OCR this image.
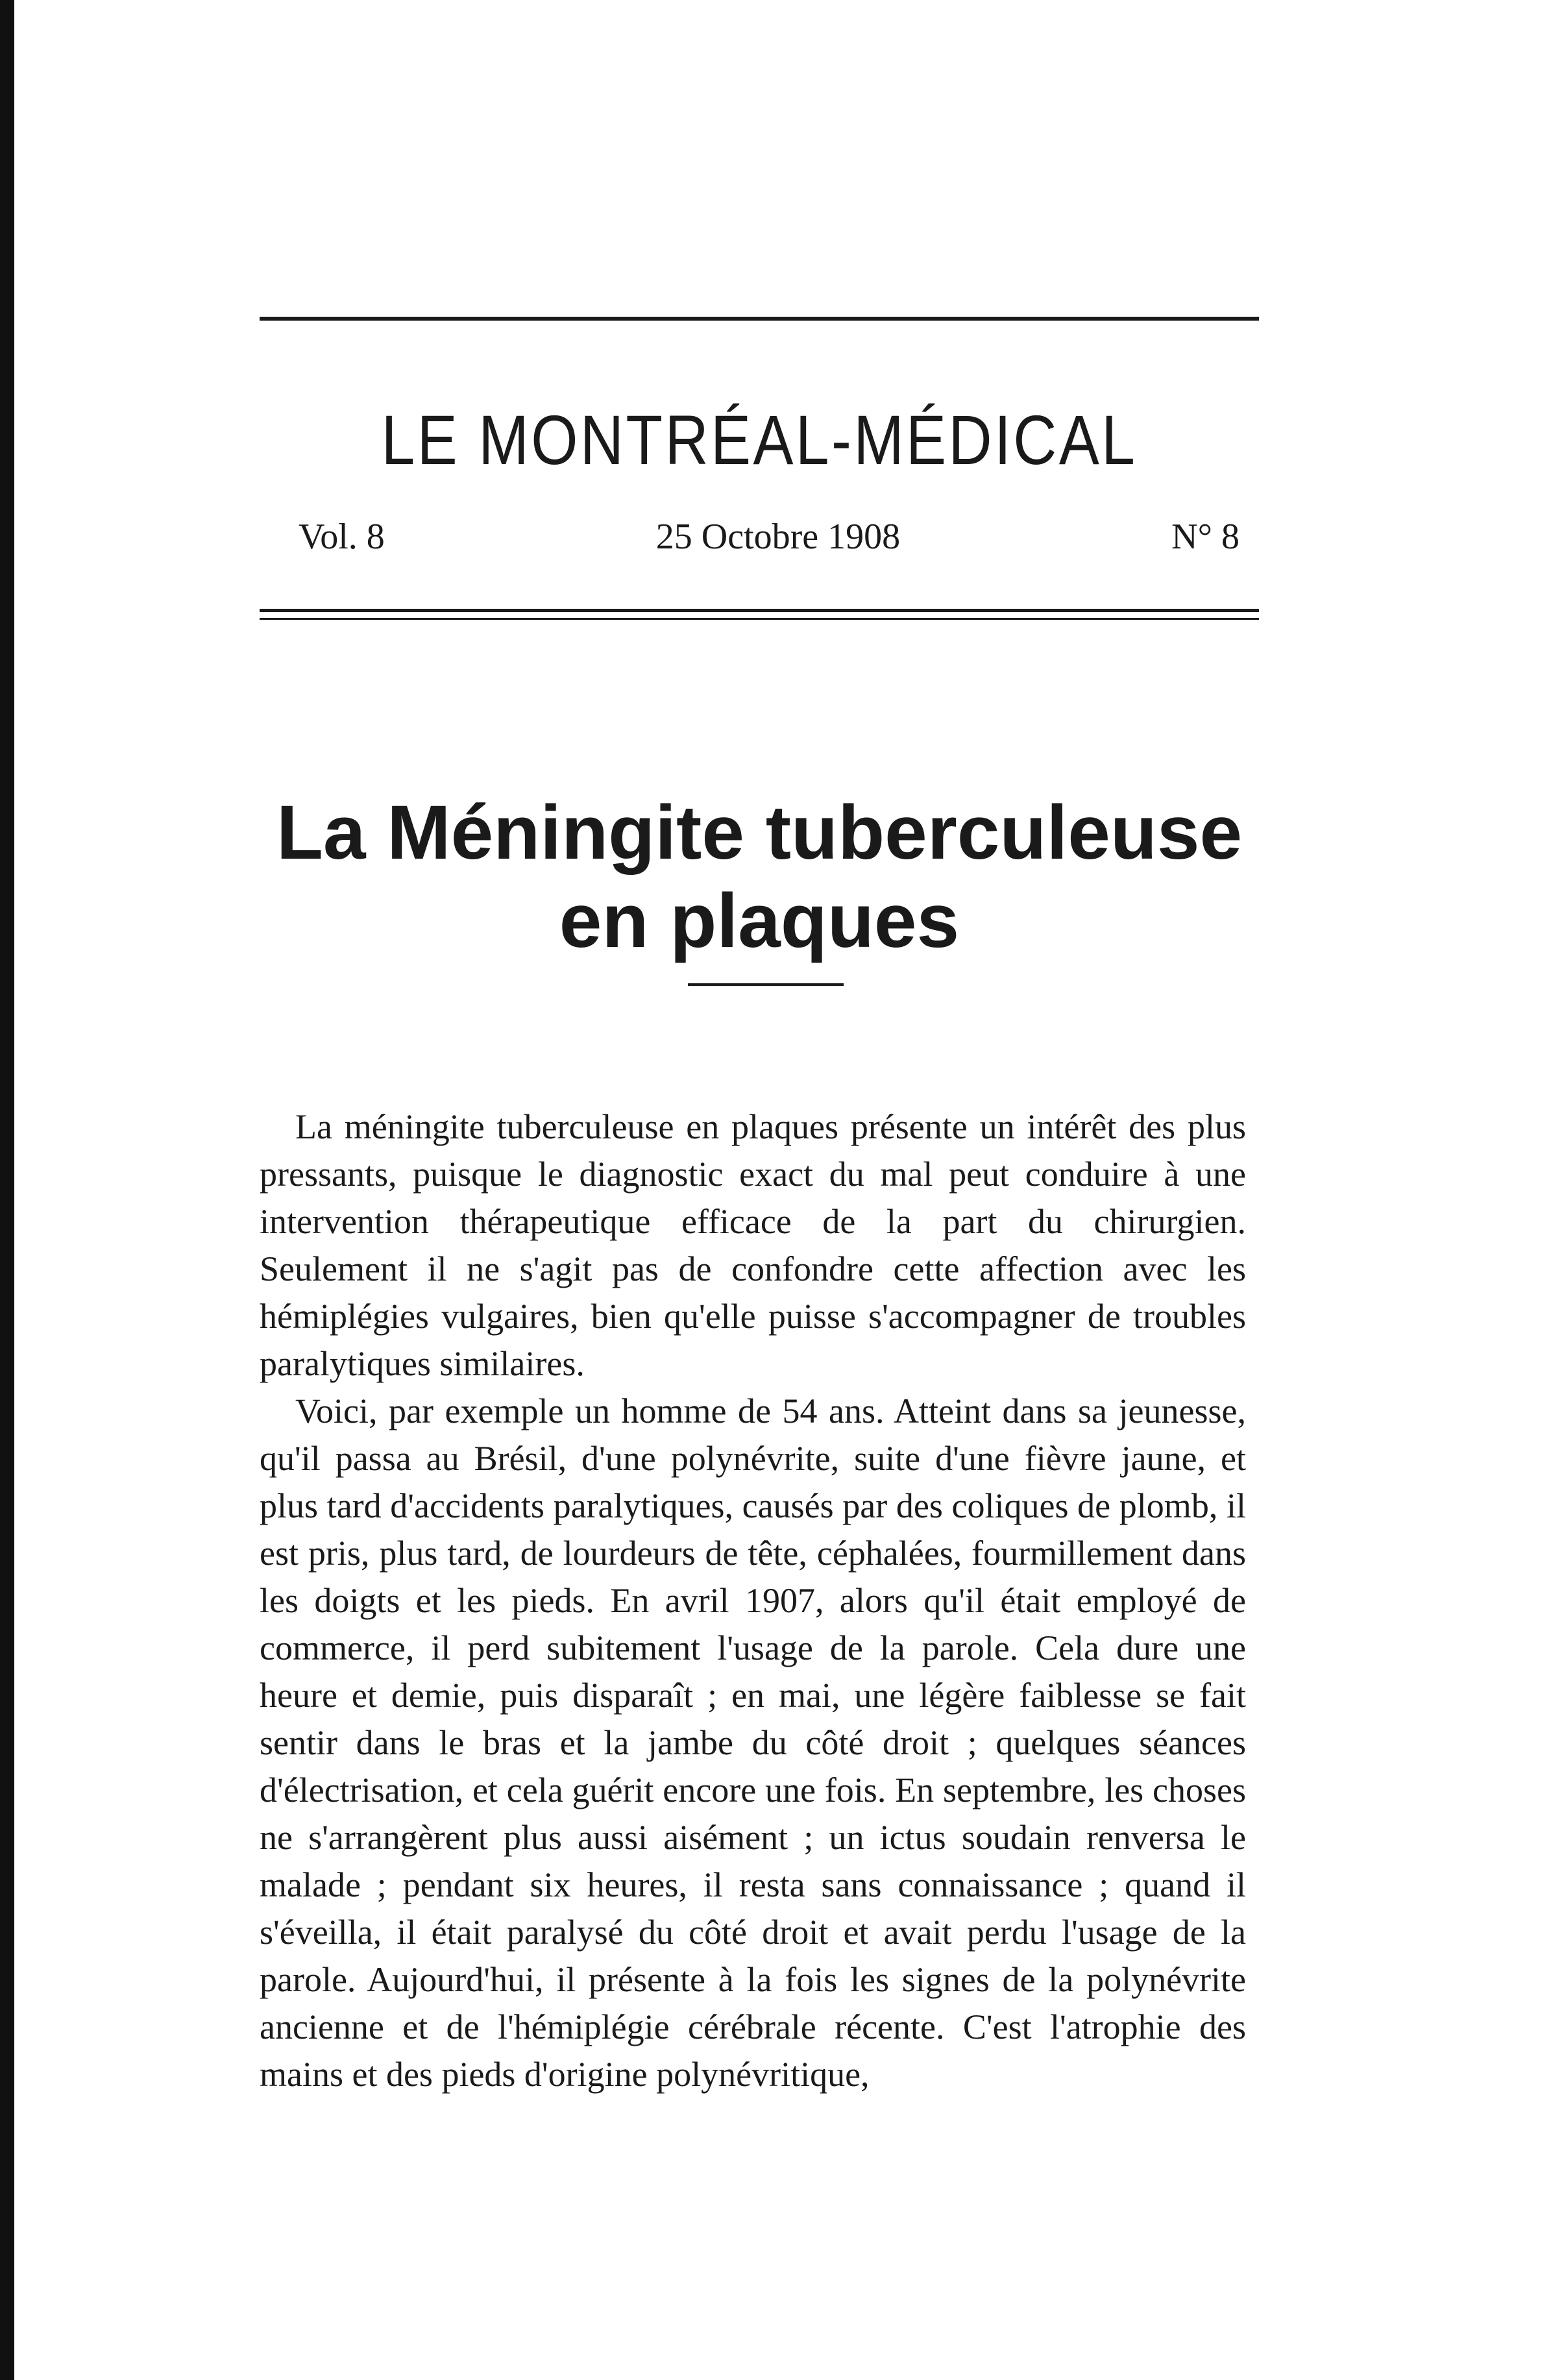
LE MONTRÉAL-MÉDICAL
Vol. 8	25 Octobre 1908	N° 8
La Méningite tuberculeuse en plaques

La méningite tuberculeuse en plaques présente un intérêt des plus pressants, puisque le diagnostic exact du mal peut conduire à une intervention thérapeutique efficace de la part du chirurgien. Seulement il ne s'agit pas de confondre cette affection avec les hémiplégies vulgaires, bien qu'elle puisse s'accompagner de troubles paralytiques similaires.

Voici, par exemple un homme de 54 ans. Atteint dans sa jeunesse, qu'il passa au Brésil, d'une polynévrite, suite d'une fièvre jaune, et plus tard d'accidents paralytiques, causés par des coliques de plomb, il est pris, plus tard, de lourdeurs de tête, céphalées, fourmillement dans les doigts et les pieds. En avril 1907, alors qu'il était employé de commerce, il perd subitement l'usage de la parole. Cela dure une heure et demie, puis disparaît ; en mai, une légère faiblesse se fait sentir dans le bras et la jambe du côté droit ; quelques séances d'électrisation, et cela guérit encore une fois. En septembre, les choses ne s'arrangèrent plus aussi aisément ; un ictus soudain renversa le malade ; pendant six heures, il resta sans connaissance ; quand il s'éveilla, il était paralysé du côté droit et avait perdu l'usage de la parole. Aujourd'hui, il présente à la fois les signes de la polynévrite ancienne et de l'hémiplégie cérébrale récente. C'est l'atrophie des mains et des pieds d'origine polynévritique,
